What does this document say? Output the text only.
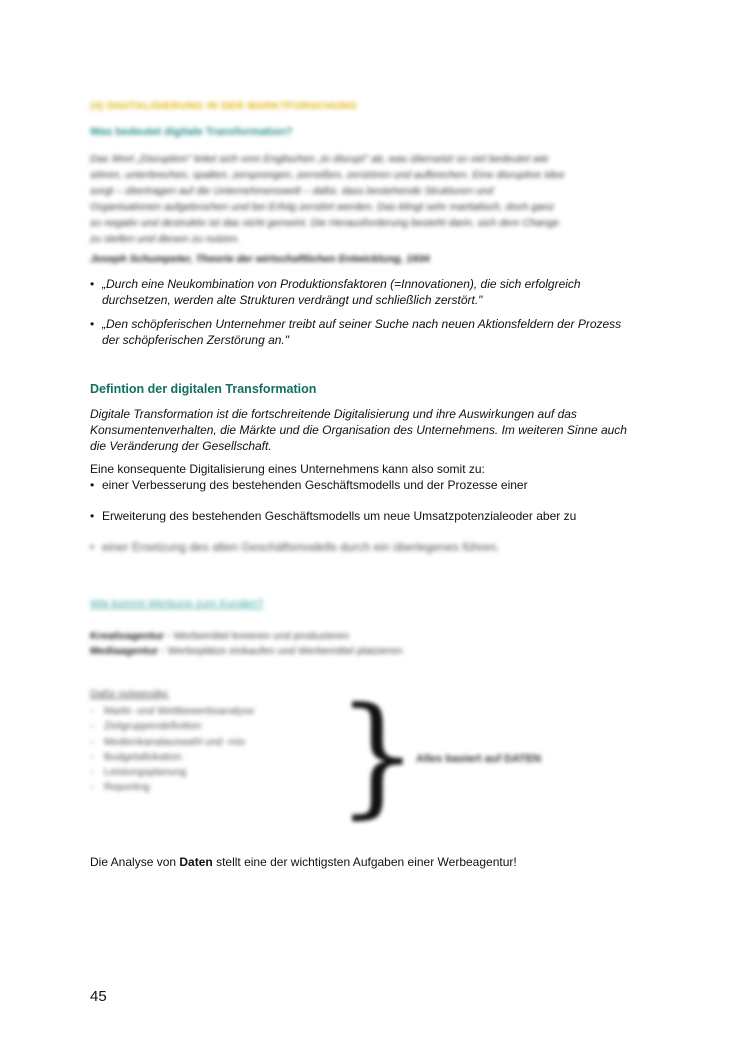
(4) DIGITALISIERUNG IN DER MARKTFORSCHUNG
Was bedeutet digitale Transformation?

Das Wort „Disruption" leitet sich vom Englischen „to disrupt" ab, was übersetzt so viel bedeutet wie

stören, unterbrechen, spalten, zersprengen, zerreißen, zerstören und aufbrechen. Eine disruptive Idee

sorgt – übertragen auf die Unternehmenswelt – dafür, dass bestehende Strukturen und

Organisationen aufgebrochen und bei Erfolg zerstört werden. Das klingt sehr martialisch, doch ganz

so negativ und destruktiv ist das nicht gemeint. Die Herausforderung besteht darin, sich dem Change

zu stellen und diesen zu nutzen.

Joseph Schumpeter, Theorie der wirtschaftlichen Entwicklung, 1934
• „Durch eine Neukombination von Produktionsfaktoren (=Innovationen), die sich erfolgreich
durchsetzen, werden alte Strukturen verdrängt und schließlich zerstört."
• „Den schöpferischen Unternehmer treibt auf seiner Suche nach neuen Aktionsfeldern der Prozess
der schöpferischen Zerstörung an."
Defintion der digitalen Transformation
Digitale Transformation ist die fortschreitende Digitalisierung und ihre Auswirkungen auf das
Konsumentenverhalten, die Märkte und die Organisation des Unternehmens. Im weiteren Sinne auch
die Veränderung der Gesellschaft.
Eine konsequente Digitalisierung eines Unternehmens kann also somit zu:
• einer Verbesserung des bestehenden Geschäftsmodells und der Prozesse einer
• Erweiterung des bestehenden Geschäftsmodells um neue Umsatzpotenzialeoder aber zu
• einer Ersetzung des alten Geschäftsmodells durch ein überlegenes führen.
Wie kommt Werbung zum Kunden?
Kreativagentur - Werbemittel kreieren und produzieren
Mediaagentur - Werbeplätze einkaufen und Werbemittel platzieren
Dafür notwendig:
- Markt- und Wettbewerbsanalyse
- Zielgruppendefinition
- Medienkanalauswahl und -mix
- Budgetallokation
- Leistungsplanung
- Reporting	}
Alles basiert auf DATEN
Die Analyse von Daten stellt eine der wichtigsten Aufgaben einer Werbeagentur!
45
